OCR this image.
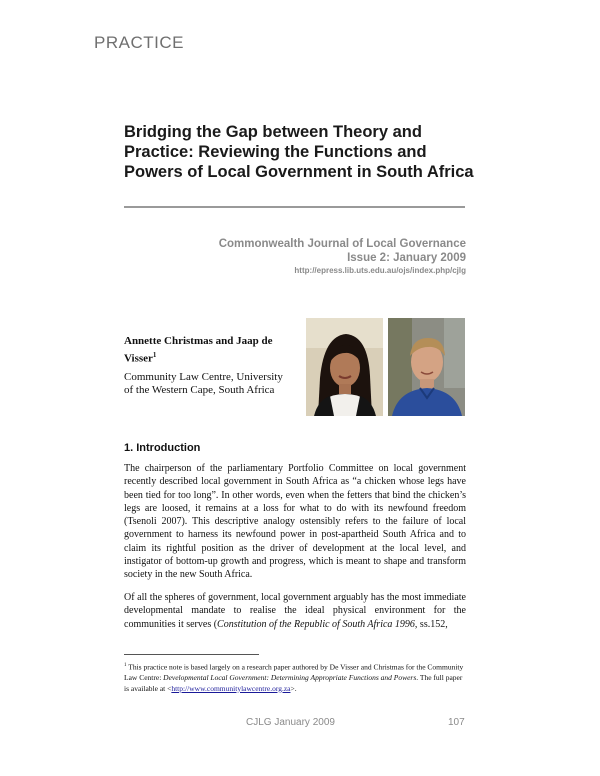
PRACTICE
Bridging the Gap between Theory and Practice: Reviewing the Functions and Powers of Local Government in South Africa
Commonwealth Journal of Local Governance
Issue 2: January 2009
http://epress.lib.uts.edu.au/ojs/index.php/cjlg
Annette Christmas and Jaap de Visser$^1$
Community Law Centre, University of the Western Cape, South Africa
1. Introduction
The chairperson of the parliamentary Portfolio Committee on local government recently described local government in South Africa as “a chicken whose legs have been tied for too long”. In other words, even when the fetters that bind the chicken’s legs are loosed, it remains at a loss for what to do with its newfound freedom (Tsenoli 2007). This descriptive analogy ostensibly refers to the failure of local government to harness its newfound power in post-apartheid South Africa and to claim its rightful position as the driver of development at the local level, and instigator of bottom-up growth and progress, which is meant to shape and transform society in the new South Africa.
Of all the spheres of government, local government arguably has the most immediate developmental mandate to realise the ideal physical environment for the communities it serves (Constitution of the Republic of South Africa 1996, ss.152,
$^1$ This practice note is based largely on a research paper authored by De Visser and Christmas for the Community Law Centre: Developmental Local Government: Determining Appropriate Functions and Powers. The full paper is available at <http://www.communitylawcentre.org.za>.
CJLG January 2009	107
